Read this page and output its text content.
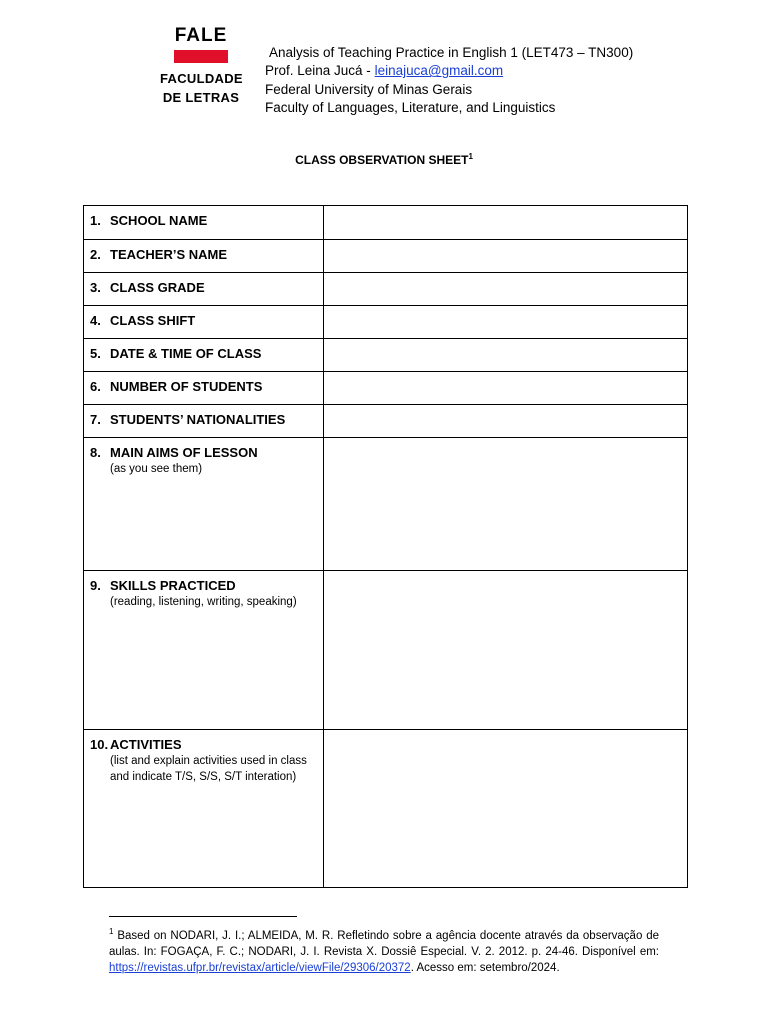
FALE
FACULDADE
DE LETRAS
Analysis of Teaching Practice in English 1 (LET473 – TN300)
Prof. Leina Jucá - leinajuca@gmail.com
Federal University of Minas Gerais
Faculty of Languages, Literature, and Linguistics
CLASS OBSERVATION SHEET$^1$
1. SCHOOL NAME	
2. TEACHER’S NAME	
3. CLASS GRADE	
4. CLASS SHIFT	
5. DATE & TIME OF CLASS	
6. NUMBER OF STUDENTS	
7. STUDENTS’ NATIONALITIES	
8. MAIN AIMS OF LESSON
(as you see them)	

9. SKILLS PRACTICED
(reading, listening, writing, speaking)	

10. ACTIVITIES
(list and explain activities used in class and indicate T/S, S/S, S/T interation)	

$^1$ Based on NODARI, J. I.; ALMEIDA, M. R. Refletindo sobre a agência docente através da observação de aulas. In: FOGAÇA, F. C.; NODARI, J. I. Revista X. Dossiê Especial. V. 2. 2012. p. 24-46. Disponível em: https://revistas.ufpr.br/revistax/article/viewFile/29306/20372. Acesso em: setembro/2024.
